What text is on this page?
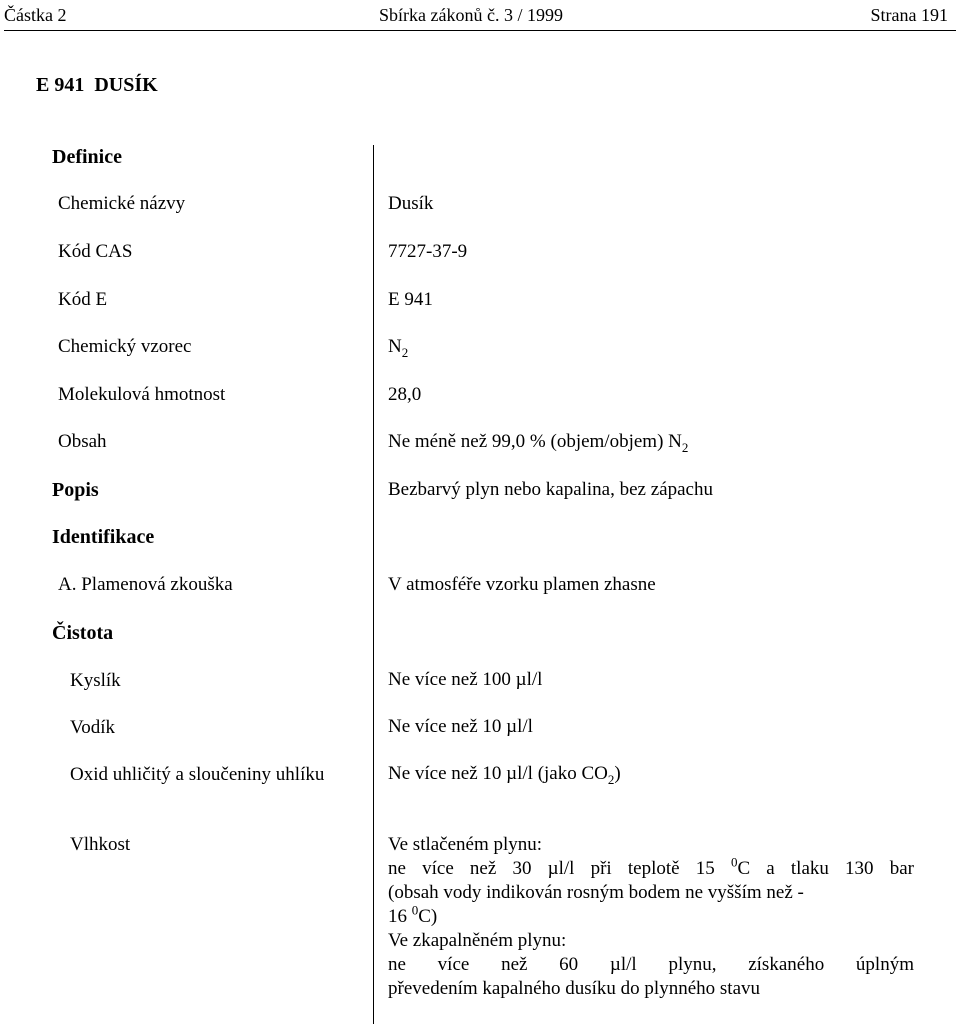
Částka 2	Sbírka zákonů č. 3 / 1999	Strana 191
E 941  DUSÍK
Definice
Chemické názvy	Dusík
Kód CAS	7727-37-9
Kód E	E 941
Chemický vzorec	$N_2$
Molekulová hmotnost	28,0
Obsah	Ne méně než 99,0 % (objem/objem) $N_2$
Popis	Bezbarvý plyn nebo kapalina, bez zápachu
Identifikace
A. Plamenová zkouška	V atmosféře vzorku plamen zhasne
Čistota
Kyslík	Ne více než 100 µl/l
Vodík	Ne více než 10 µl/l
Oxid uhličitý a sloučeniny uhlíku	Ne více než 10 µl/l (jako $CO_2$)
Vlhkost	Ve stlačeném plynu:
ne více než 30 µl/l při teplotě 15 $^0$C a tlaku 130 bar
(obsah vody indikován rosným bodem ne vyšším než -
16 $^0$C)
Ve zkapalněném plynu:
ne více než 60 µl/l plynu, získaného úplným
převedením kapalného dusíku do plynného stavu
